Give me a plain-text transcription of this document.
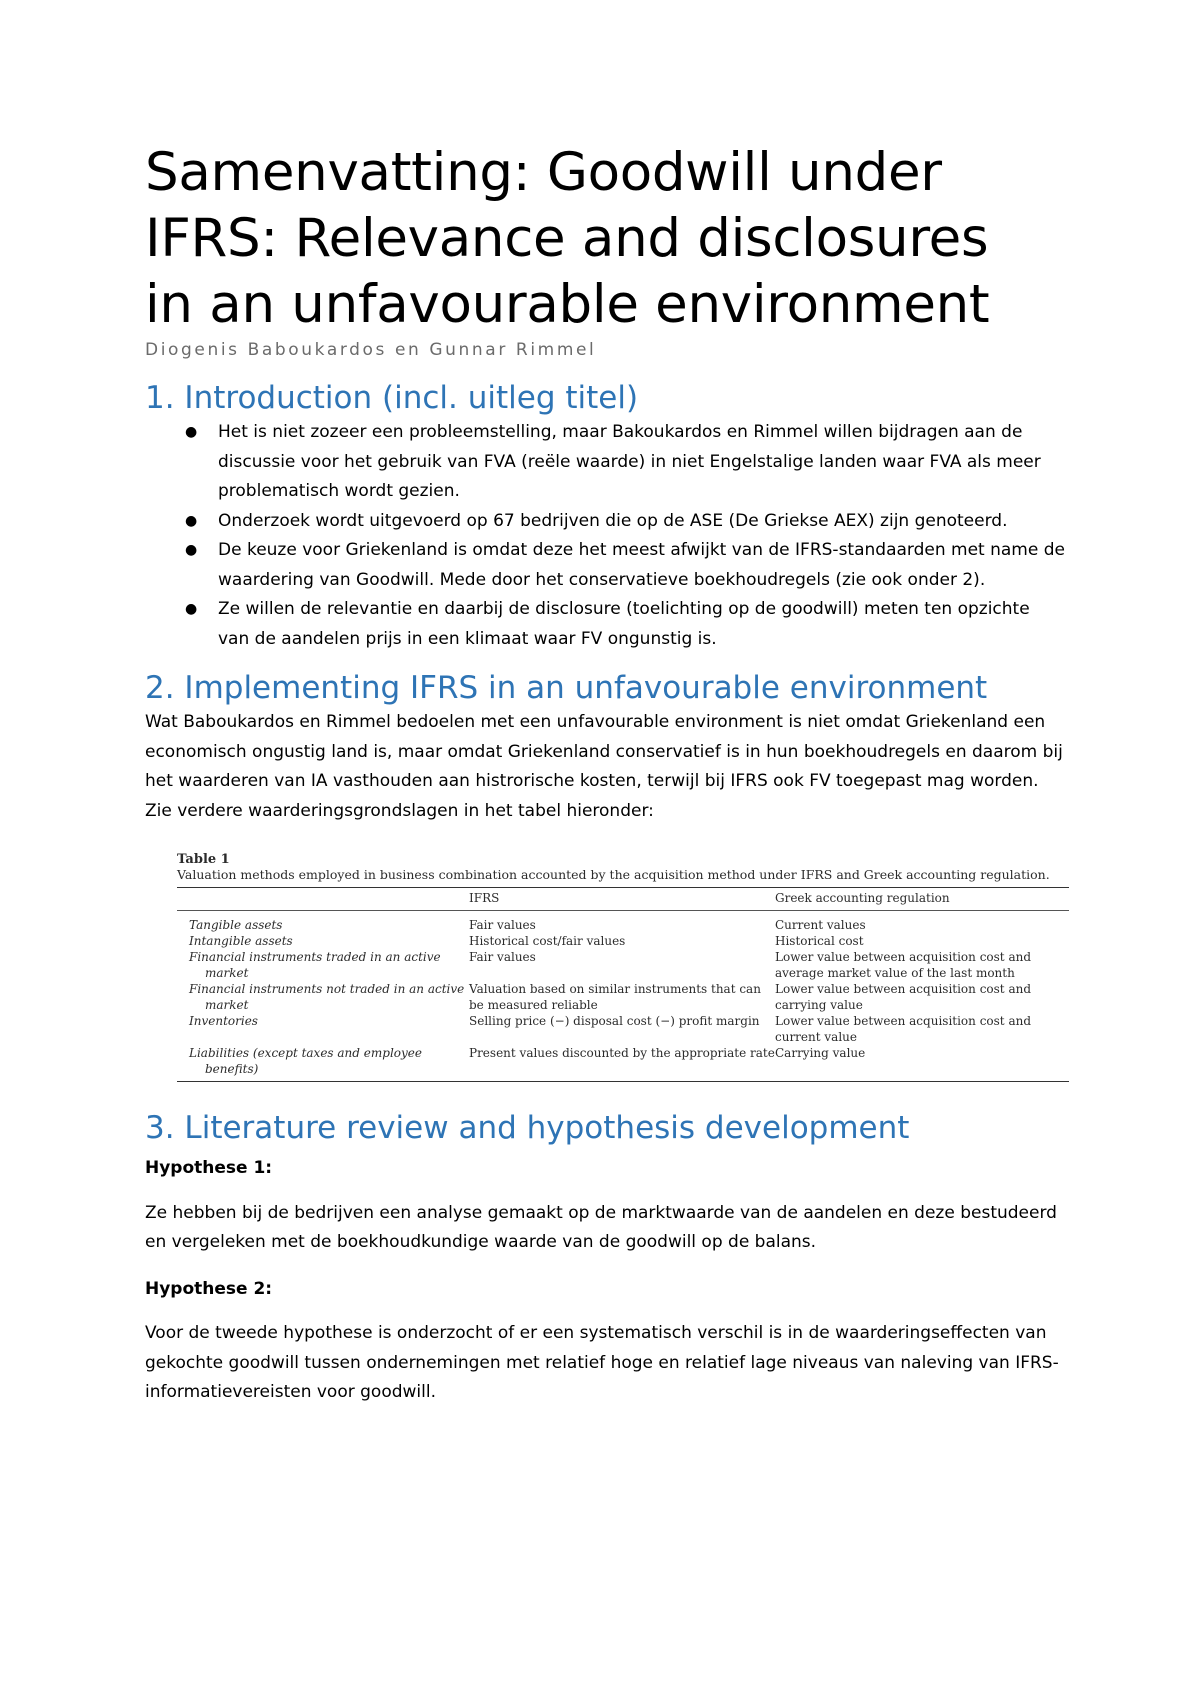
Samenvatting: Goodwill under
IFRS: Relevance and disclosures
in an unfavourable environment

Diogenis Baboukardos en Gunnar Rimmel

1. Introduction (incl. uitleg titel)
● Het is niet zozeer een probleemstelling, maar Bakoukardos en Rimmel willen bijdragen aan de discussie voor het gebruik van FVA (reële waarde) in niet Engelstalige landen waar FVA als meer problematisch wordt gezien.
● Onderzoek wordt uitgevoerd op 67 bedrijven die op de ASE (De Griekse AEX) zijn genoteerd.
● De keuze voor Griekenland is omdat deze het meest afwijkt van de IFRS-standaarden met name de waardering van Goodwill. Mede door het conservatieve boekhoudregels (zie ook onder 2).
● Ze willen de relevantie en daarbij de disclosure (toelichting op de goodwill) meten ten opzichte van de aandelen prijs in een klimaat waar FV ongunstig is.
2. Implementing IFRS in an unfavourable environment

Wat Baboukardos en Rimmel bedoelen met een unfavourable environment is niet omdat Griekenland een economisch ongustig land is, maar omdat Griekenland conservatief is in hun boekhoudregels en daarom bij het waarderen van IA vasthouden aan histrorische kosten, terwijl bij IFRS ook FV toegepast mag worden. Zie verdere waarderingsgrondslagen in het tabel hieronder:

Table 1
Valuation methods employed in business combination accounted by the acquisition method under IFRS and Greek accounting regulation.
	IFRS	Greek accounting regulation

Tangible assets	Fair values	Current values

Intangible assets	Historical cost/fair values	Historical cost

Financial instruments traded in an active market	Fair values	Lower value between acquisition cost and average market value of the last month

Financial instruments not traded in an active market	Valuation based on similar instruments that can be measured reliable	Lower value between acquisition cost and carrying value

Inventories	Selling price (−) disposal cost (−) profit margin	Lower value between acquisition cost and current value

Liabilities (except taxes and employee benefits)	Present values discounted by the appropriate rate	Carrying value
3. Literature review and hypothesis development

Hypothese 1:

Ze hebben bij de bedrijven een analyse gemaakt op de marktwaarde van de aandelen en deze bestudeerd en vergeleken met de boekhoudkundige waarde van de goodwill op de balans.

Hypothese 2:

Voor de tweede hypothese is onderzocht of er een systematisch verschil is in de waarderingseffecten van gekochte goodwill tussen ondernemingen met relatief hoge en relatief lage niveaus van naleving van IFRS-informatievereisten voor goodwill.
